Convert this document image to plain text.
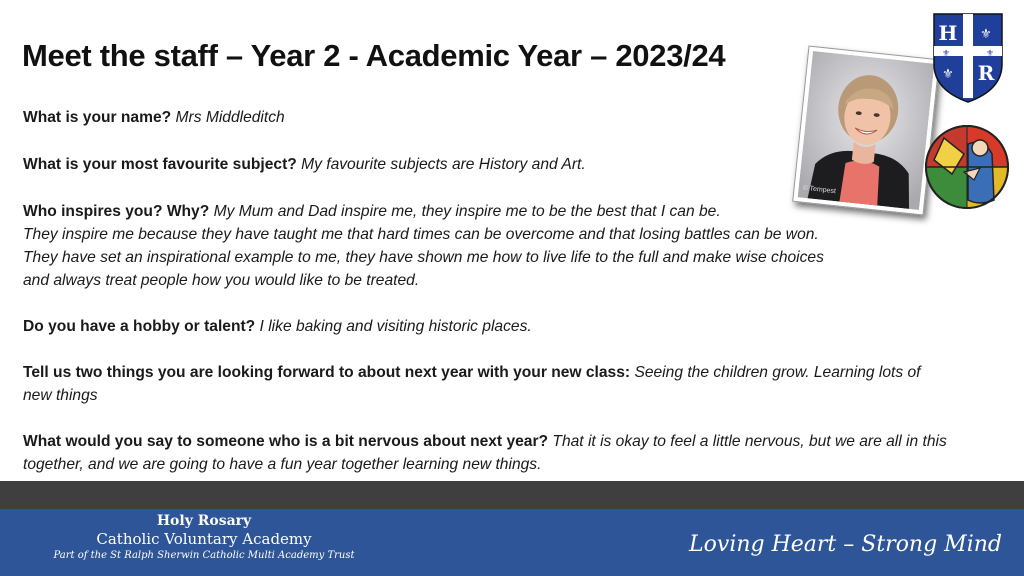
Meet the staff – Year 2 - Academic Year – 2023/24
What is your name? Mrs Middleditch
What is your most favourite subject? My favourite subjects are History and Art.
Who inspires you? Why? My Mum and Dad inspire me, they inspire me to be the best that I can be.
They inspire me because they have taught me that hard times can be overcome and that losing battles can be won.
They have set an inspirational example to me, they have shown me how to live life to the full and make wise choices
and always treat people how you would like to be treated.
Do you have a hobby or talent? I like baking and visiting historic places.
Tell us two things you are looking forward to about next year with your new class: Seeing the children grow. Learning lots of new things
What would you say to someone who is a bit nervous about next year? That it is okay to feel a little nervous, but we are all in this together, and we are going to have a fun year together learning new things.
© Tempest
H
R
⚜
⚜
⚜	⚜
Holy Rosary
Catholic Voluntary Academy
Part of the St Ralph Sherwin Catholic Multi Academy Trust	Loving Heart – Strong Mind
